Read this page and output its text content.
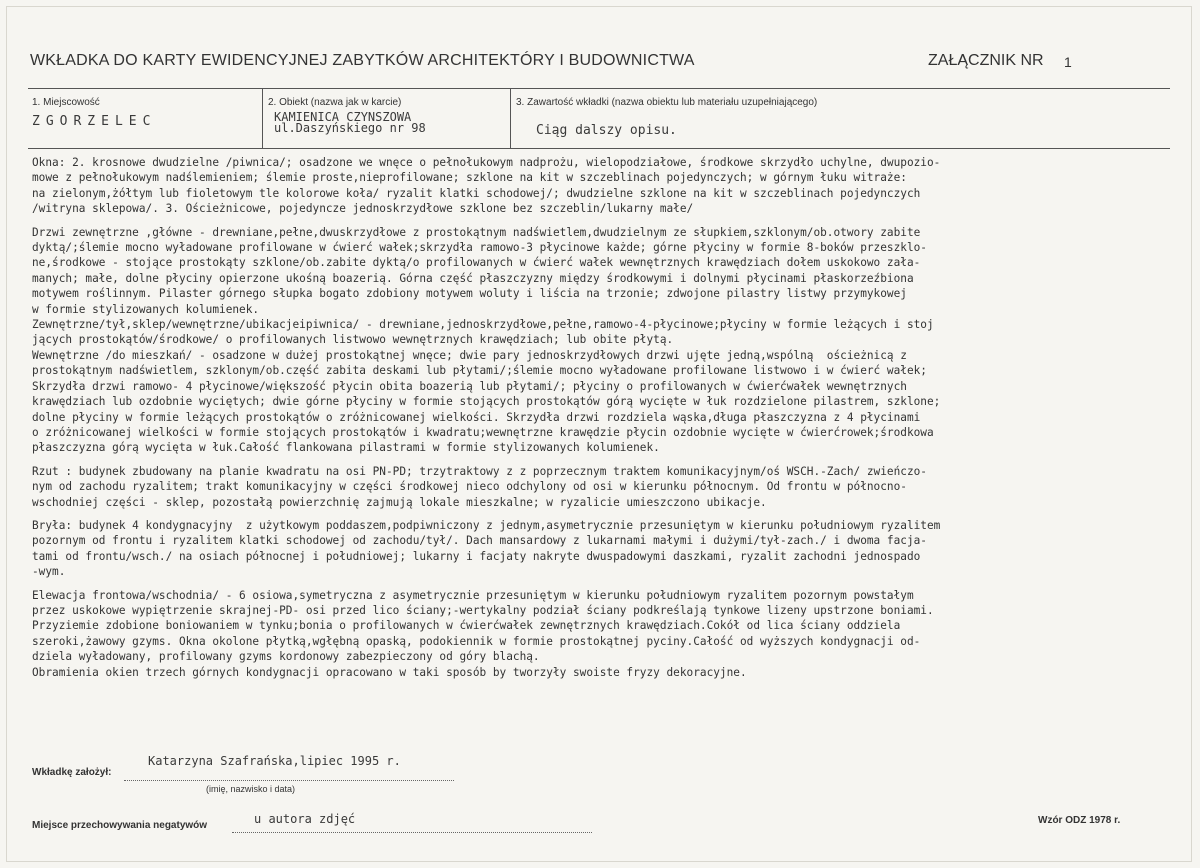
WKŁADKA DO KARTY EWIDENCYJNEJ ZABYTKÓW ARCHITEKTÓRY I BUDOWNICTWA	ZAŁĄCZNIK NR 1
1. Miejscowość
ZGORZELEC
2. Obiekt (nazwa jak w karcie)
KAMIENICA CZYNSZOWA
ul.Daszyńskiego nr 98
3. Zawartość wkładki (nazwa obiektu lub materiału uzupełniającego)
Ciąg dalszy opisu.

Okna: 2. krosnowe dwudzielne /piwnica/; osadzone we wnęce o pełnołukowym nadprożu, wielopodziałowe, środkowe skrzydło uchylne, dwupozio-
mowe z pełnołukowym nadślemieniem; ślemie proste,nieprofilowane; szklone na kit w szczeblinach pojedynczych; w górnym łuku witraże:
na zielonym,żółtym lub fioletowym tle kolorowe koła/ ryzalit klatki schodowej/; dwudzielne szklone na kit w szczeblinach pojedynczych
/witryna sklepowa/. 3. Ościeżnicowe, pojedyncze jednoskrzydłowe szklone bez szczeblin/lukarny małe/

Drzwi zewnętrzne ,główne - drewniane,pełne,dwuskrzydłowe z prostokątnym nadświetlem,dwudzielnym ze słupkiem,szklonym/ob.otwory zabite
dyktą/;ślemie mocno wyładowane profilowane w ćwierć wałek;skrzydła ramowo-3 płycinowe każde; górne płyciny w formie 8-boków przeszklo-
ne,środkowe - stojące prostokąty szklone/ob.zabite dyktą/o profilowanych w ćwierć wałek wewnętrznych krawędziach dołem uskokowo zała-
manych; małe, dolne płyciny opierzone ukośną boazerią. Górna część płaszczyzny między środkowymi i dolnymi płycinami płaskorzeźbiona
motywem roślinnym. Pilaster górnego słupka bogato zdobiony motywem woluty i liścia na trzonie; zdwojone pilastry listwy przymykowej
w formie stylizowanych kolumienek.
Zewnętrzne/tył,sklep/wewnętrzne/ubikacjeipiwnica/ - drewniane,jednoskrzydłowe,pełne,ramowo-4-płycinowe;płyciny w formie leżących i stoj
jących prostokątów/środkowe/ o profilowanych listwowo wewnętrznych krawędziach; lub obite płytą.
Wewnętrzne /do mieszkań/ - osadzone w dużej prostokątnej wnęce; dwie pary jednoskrzydłowych drzwi ujęte jedną,wspólną  ościeżnicą z
prostokątnym nadświetlem, szklonym/ob.część zabita deskami lub płytami/;ślemie mocno wyładowane profilowane listwowo i w ćwierć wałek;
Skrzydła drzwi ramowo- 4 płycinowe/większość płycin obita boazerią lub płytami/; płyciny o profilowanych w ćwierćwałek wewnętrznych
krawędziach lub ozdobnie wyciętych; dwie górne płyciny w formie stojących prostokątów górą wycięte w łuk rozdzielone pilastrem, szklone;
dolne płyciny w formie leżących prostokątów o zróżnicowanej wielkości. Skrzydła drzwi rozdziela wąska,długa płaszczyzna z 4 płycinami
o zróżnicowanej wielkości w formie stojących prostokątów i kwadratu;wewnętrzne krawędzie płycin ozdobnie wycięte w ćwierćrowek;środkowa
płaszczyzna górą wycięta w łuk.Całość flankowana pilastrami w formie stylizowanych kolumienek.

Rzut : budynek zbudowany na planie kwadratu na osi PN-PD; trzytraktowy z z poprzecznym traktem komunikacyjnym/oś WSCH.-Zach/ zwieńczo-
nym od zachodu ryzalitem; trakt komunikacyjny w części środkowej nieco odchylony od osi w kierunku północnym. Od frontu w północno-
wschodniej części - sklep, pozostałą powierzchnię zajmują lokale mieszkalne; w ryzalicie umieszczono ubikacje.

Bryła: budynek 4 kondygnacyjny  z użytkowym poddaszem,podpiwniczony z jednym,asymetrycznie przesuniętym w kierunku południowym ryzalitem
pozornym od frontu i ryzalitem klatki schodowej od zachodu/tył/. Dach mansardowy z lukarnami małymi i dużymi/tył-zach./ i dwoma facja-
tami od frontu/wsch./ na osiach północnej i południowej; lukarny i facjaty nakryte dwuspadowymi daszkami, ryzalit zachodni jednospado
-wym.

Elewacja frontowa/wschodnia/ - 6 osiowa,symetryczna z asymetrycznie przesuniętym w kierunku południowym ryzalitem pozornym powstałym
przez uskokowe wypiętrzenie skrajnej-PD- osi przed lico ściany;-wertykalny podział ściany podkreślają tynkowe lizeny upstrzone boniami.
Przyziemie zdobione boniowaniem w tynku;bonia o profilowanych w ćwierćwałek zewnętrznych krawędziach.Cokół od lica ściany oddziela
szeroki,żawowy gzyms. Okna okolone płytką,wgłębną opaską, podokiennik w formie prostokątnej pyciny.Całość od wyższych kondygnacji od-
dziela wyładowany, profilowany gzyms kordonowy zabezpieczony od góry blachą.
Obramienia okien trzech górnych kondygnacji opracowano w taki sposób by tworzyły swoiste fryzy dekoracyjne.

Wkładkę założył:
Katarzyna Szafrańska,lipiec 1995 r.
(imię, nazwisko i data)
Miejsce przechowywania negatywów	u autora zdjęć	Wzór ODZ 1978 r.
